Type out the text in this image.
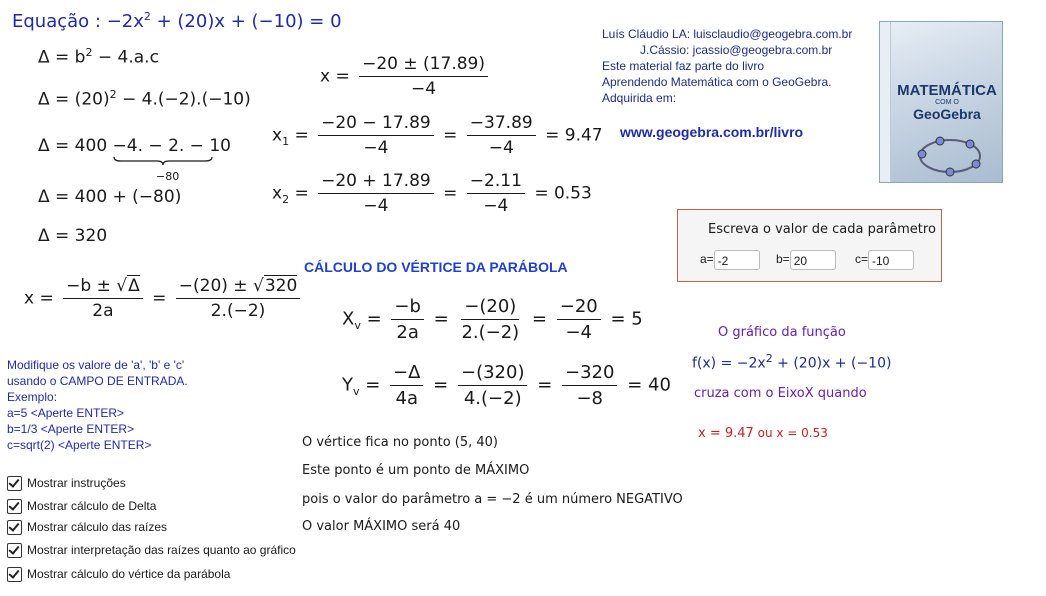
Equação : $-2x^2 + (20)x + (-10) = 0$
$\Delta = b^2 - 4.a.c$
$\Delta = (20)^2 - 4.(-2).(-10)$
Δ = 400 −4. − 2. − 10
−80
Δ = 400 + (−80)
Δ = 320
$x = \frac{-20 \pm (17.89)}{-4}$
$x_1 = \frac{-20 - 17.89}{-4} = \frac{-37.89}{-4} = 9.47$
$x_2 = \frac{-20 + 17.89}{-4} = \frac{-2.11}{-4} = 0.53$
$x = \frac{-b \pm √\Delta}{2a} = \frac{-(20) \pm √320}{2.(-2)}$
CÁLCULO DO VÉRTICE DA PARÁBOLA
$X_v = \frac{-b}{2a} = \frac{-(20)}{2.(-2)} = \frac{-20}{-4} = 5$
$Y_v = \frac{-\Delta}{4a} = \frac{-(320)}{4.(-2)} = \frac{-320}{-8} = 40$
O vértice fica no ponto (5, 40)
Este ponto é um ponto de MÁXIMO
pois o valor do parâmetro a = −2 é um número NEGATIVO
O valor MÁXIMO será 40
Luís Cláudio LA: luisclaudio@geogebra.com.br
J.Cássio: jcassio@geogebra.com.br
Este material faz parte do livro
Aprendendo Matemática com o GeoGebra.
Adquirida em:
www.geogebra.com.br/livro
MATEMÁTICA
COM O
GeoGebra
Escreva o valor de cada parâmetro
a= -2	b= 20	c= -10
O gráfico da função
$f(x) = -2x^2 + (20)x + (-10)$
cruza com o EixoX quando
x = 9.47 ou x = 0.53
Modifique os valore de 'a', 'b' e 'c'
usando o CAMPO DE ENTRADA.
Exemplo:
a=5 <Aperte ENTER>
b=1/3 <Aperte ENTER>
c=sqrt(2) <Aperte ENTER>
Mostrar instruções
Mostrar cálculo de Delta
Mostrar cálculo das raízes
Mostrar interpretação das raízes quanto ao gráfico
Mostrar cálculo do vértice da parábola
